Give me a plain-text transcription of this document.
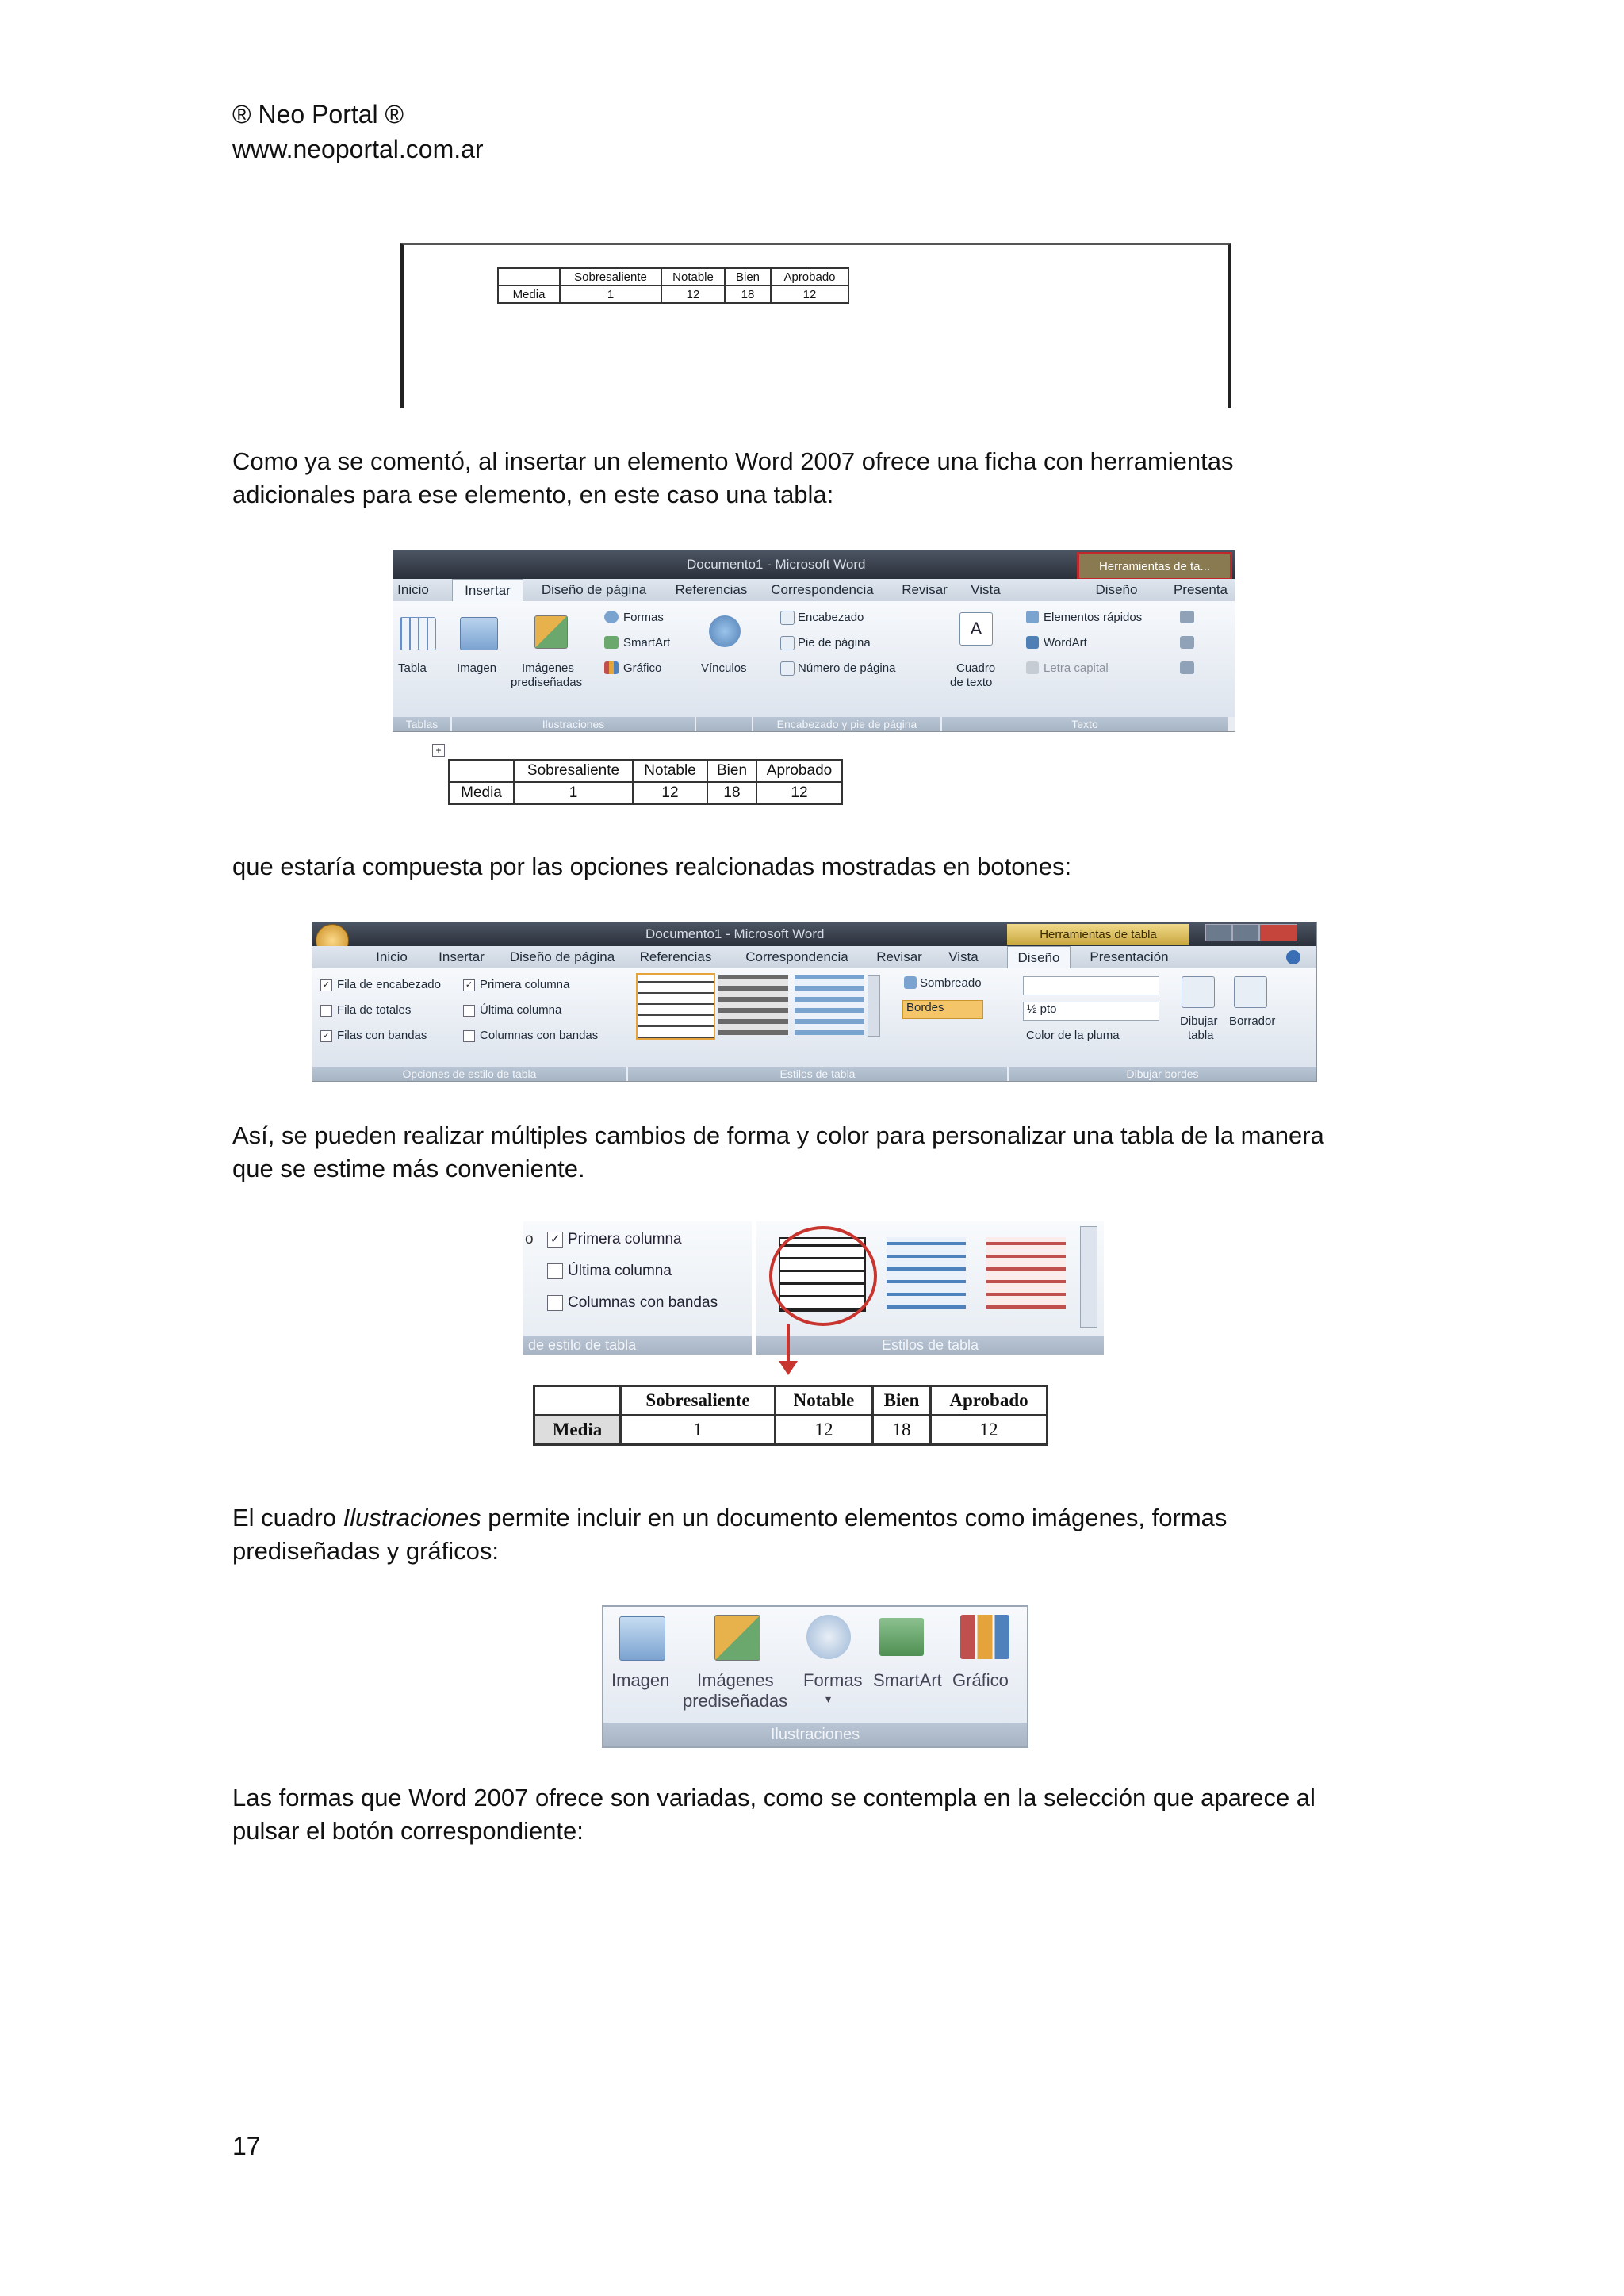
® Neo Portal ®
www.neoportal.com.ar
	Sobresaliente	Notable	Bien	Aprobado
Media	1	12	18	12
Como ya se comentó, al insertar un elemento Word 2007 ofrece una ficha con herramientas adicionales para ese elemento, en este caso una tabla:
Documento1 - Microsoft Word	Herramientas de ta...
Inicio	Insertar	Diseño de página	Referencias	Correspondencia	Revisar	Vista	Diseño	Presenta
Tabla	Imagen Imágenes
prediseñadas
Formas
SmartArt
Gráfico	Vínculos
Encabezado
Pie de página
Número de página
A
Cuadro
de texto
Elementos rápidos
WordArt
Letra capital
Tablas	Ilustraciones	Encabezado y pie de página	Texto
+
	Sobresaliente	Notable	Bien	Aprobado
Media	1	12	18	12
que estaría compuesta por las opciones realcionadas mostradas en botones:
Documento1 - Microsoft Word	Herramientas de tabla
Inicio	Insertar	Diseño de página	Referencias	Correspondencia	Revisar	Vista	Diseño	Presentación
✓ Fila de encabezado	✓ Primera columna
Fila de totales	Última columna
✓ Filas con bandas	Columnas con bandas
Sombreado
Bordes	½ pto
Color de la pluma
Dibujar
tabla
Borrador
Opciones de estilo de tabla	Estilos de tabla	Dibujar bordes
Así, se pueden realizar múltiples cambios de forma y color para personalizar una tabla de la manera que se estime más conveniente.
o ✓ Primera columna
Última columna
Columnas con bandas
de estilo de tabla	Estilos de tabla
	Sobresaliente	Notable	Bien	Aprobado
Media	1	12	18	12
El cuadro Ilustraciones permite incluir en un documento elementos como imágenes, formas prediseñadas y gráficos:
Imagen Imágenes
prediseñadas
Formas
▾
SmartArt Gráfico
Ilustraciones
Las formas que Word 2007 ofrece son variadas, como se contempla en la selección que aparece al pulsar el botón correspondiente:
17
